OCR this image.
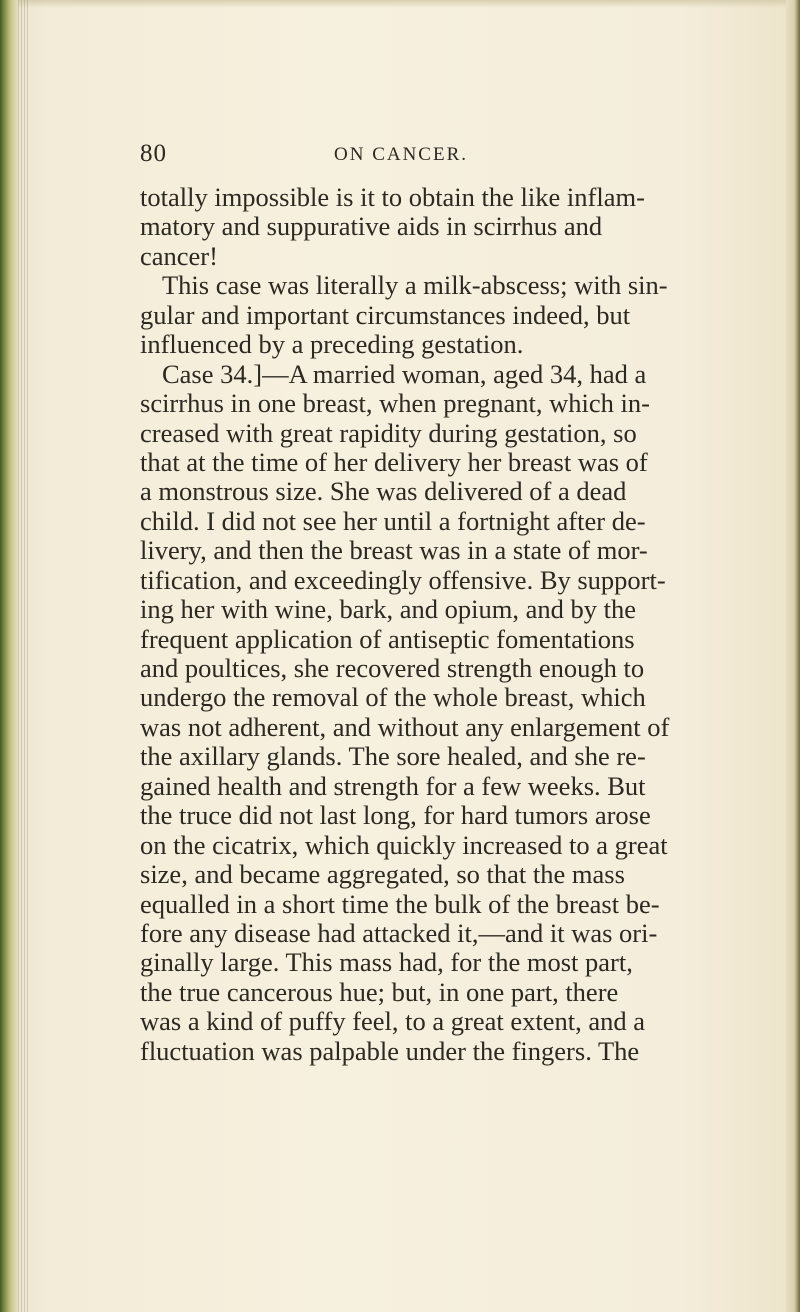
80	ON CANCER.
totally impossible is it to obtain the like inflam-
matory and suppurative aids in scirrhus and
cancer!
This case was literally a milk-abscess; with sin-
gular and important circumstances indeed, but
influenced by a preceding gestation.
Case 34.]—A married woman, aged 34, had a
scirrhus in one breast, when pregnant, which in-
creased with great rapidity during gestation, so
that at the time of her delivery her breast was of
a monstrous size. She was delivered of a dead
child. I did not see her until a fortnight after de-
livery, and then the breast was in a state of mor-
tification, and exceedingly offensive. By support-
ing her with wine, bark, and opium, and by the
frequent application of antiseptic fomentations
and poultices, she recovered strength enough to
undergo the removal of the whole breast, which
was not adherent, and without any enlargement of
the axillary glands. The sore healed, and she re-
gained health and strength for a few weeks. But
the truce did not last long, for hard tumors arose
on the cicatrix, which quickly increased to a great
size, and became aggregated, so that the mass
equalled in a short time the bulk of the breast be-
fore any disease had attacked it,—and it was ori-
ginally large. This mass had, for the most part,
the true cancerous hue; but, in one part, there
was a kind of puffy feel, to a great extent, and a
fluctuation was palpable under the fingers. The
